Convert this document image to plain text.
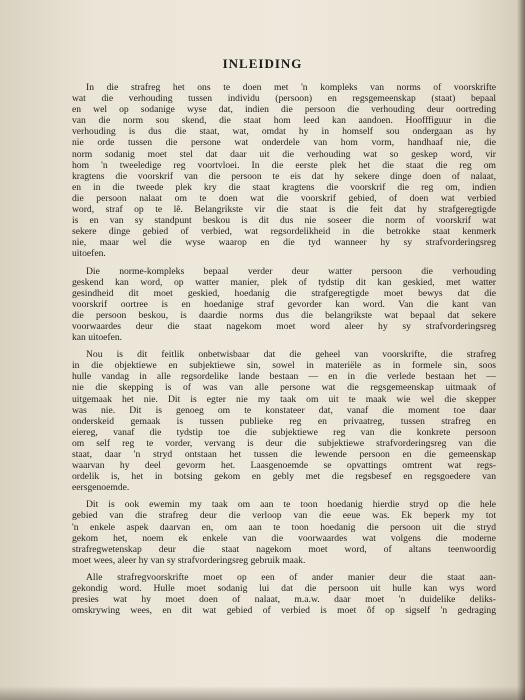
INLEIDING
In die strafreg het ons te doen met 'n kompleks van norms of voorskrifte
wat die verhouding tussen individu (persoon) en regsgemeenskap (staat) bepaal
en wel op sodanige wyse dat, indien die persoon die verhouding deur oortreding
van die norm sou skend, die staat hom leed kan aandoen. Hoofffiguur in die
verhouding is dus die staat, wat, omdat hy in homself sou ondergaan as hy
nie orde tussen die persone wat onderdele van hom vorm, handhaaf nie, die
norm sodanig moet stel dat daar uit die verhouding wat so geskep word, vir
hom 'n tweeledige reg voortvloei. In die eerste plek het die staat die reg om
kragtens die voorskrif van die persoon te eis dat hy sekere dinge doen of nalaat,
en in die tweede plek kry die staat kragtens die voorskrif die reg om, indien
die persoon nalaat om te doen wat die voorskrif gebied, of doen wat verbied
word, straf op te lê. Belangrikste vir die staat is die feit dat hy strafgeregtigde
is en van sy standpunt beskou is dit dus nie soseer die norm of voorskrif wat
sekere dinge gebied of verbied, wat regsordelikheid in die betrokke staat kenmerk
nie, maar wel die wyse waarop en die tyd wanneer hy sy strafvorderingsreg
uitoefen.
Die norme-kompleks bepaal verder deur watter persoon die verhouding
geskend kan word, op watter manier, plek of tydstip dit kan geskied, met watter
gesindheid dit moet geskied, hoedanig die strafgeregtigde moet bewys dat die
voorskrif oortree is en hoedanige straf gevorder kan word. Van die kant van
die persoon beskou, is daardie norms dus die belangrikste wat bepaal dat sekere
voorwaardes deur die staat nagekom moet word aleer hy sy strafvorderingsreg
kan uitoefen.
Nou is dit feitlik onbetwisbaar dat die geheel van voorskrifte, die strafreg
in die objektiewe en subjektiewe sin, sowel in materiële as in formele sin, soos
hulle vandag in alle regsordelike lande bestaan — en in die verlede bestaan het —
nie die skepping is of was van alle persone wat die regsgemeenskap uitmaak of
uitgemaak het nie. Dit is egter nie my taak om uit te maak wie wel die skepper
was nie. Dit is genoeg om te konstateer dat, vanaf die moment toe daar
onderskeid gemaak is tussen publieke reg en privaatreg, tussen strafreg en
eiereg, vanaf die tydstip toe die subjektiewe reg van die konkrete persoon
om self reg te vorder, vervang is deur die subjektiewe strafvorderingsreg van die
staat, daar 'n stryd ontstaan het tussen die lewende persoon en die gemeenskap
waarvan hy deel gevorm het. Laasgenoemde se opvattings omtrent wat regs-
ordelik is, het in botsing gekom en gebly met die regsbesef en regsgoedere van
eersgenoemde.
Dit is ook ewemin my taak om aan te toon hoedanig hierdie stryd op die hele
gebied van die strafreg deur die verloop van die eeue was. Ek beperk my tot
'n enkele aspek daarvan en, om aan te toon hoedanig die persoon uit die stryd
gekom het, noem ek enkele van die voorwaardes wat volgens die moderne
strafregwetenskap deur die staat nagekom moet word, of altans teenwoordig
moet wees, aleer hy van sy strafvorderingsreg gebruik maak.
Alle strafregvoorskrifte moet op een of ander manier deur die staat aan-
gekondig word. Hulle moet sodanig lui dat die persoon uit hulle kan wys word
presies wat hy moet doen of nalaat, m.a.w. daar moet 'n duidelike deliks-
omskrywing wees, en dit wat gebied of verbied is moet ôf op sigself 'n gedraging
